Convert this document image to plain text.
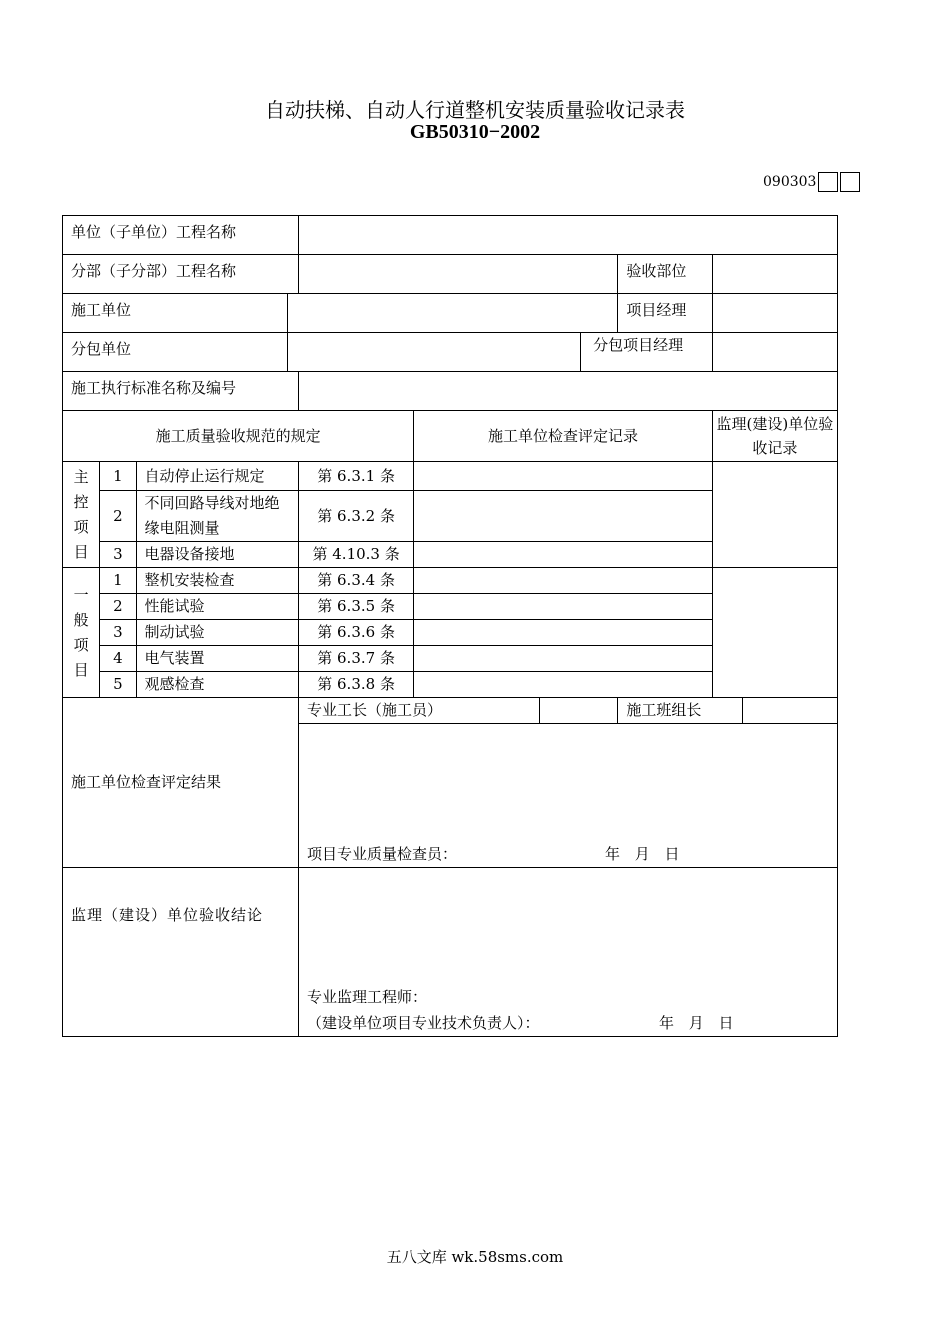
自动扶梯、自动人行道整机安装质量验收记录表
GB50310−2002
090303
单位（子单位）工程名称										
分部（子分部）工程名称								验收部位		
施工单位								项目经理		
分包单位							分包项目经理			
施工执行标准名称及编号										
施工质量验收规范的规定					施工单位检查评定记录				监理(建设)单位验收记录	
主控项目	1	自动停止运行规定		第 6.3.1 条						
	2	不同回路导线对地绝缘电阻测量		第 6.3.2 条						
	3	电器设备接地		第 4.10.3 条						
一般项目	1	整机安装检查		第 6.3.4 条						
	2	性能试验		第 6.3.5 条						
	3	制动试验		第 6.3.6 条						
	4	电气装置		第 6.3.7 条						
	5	观感检查		第 6.3.8 条						
施工单位检查评定结果				专业工长（施工员）				施工班组长		

				项目专业质量检查员： 年 月 日						

监理（建设）单位验收结论				专业监理工程师：
（建设单位项目专业技术负责人）： 年 月 日						
五八文库 wk.58sms.com
